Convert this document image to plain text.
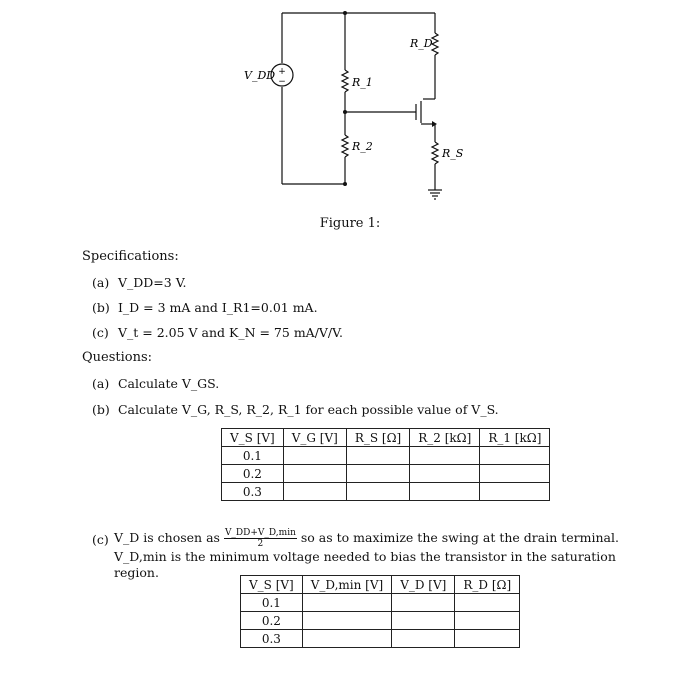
+
−
V_DD
R_1
R_2
R_D
R_S
Figure 1:
Specifications:
(a) V_DD=3 V.
(b) I_D = 3 mA and I_R1=0.01 mA.
(c) V_t = 2.05 V and K_N = 75 mA/V/V.
Questions:
(a) Calculate V_GS.
(b) Calculate V_G, R_S, R_2, R_1 for each possible value of V_S.
V_S [V]	V_G [V]	R_S [Ω]	R_2 [kΩ]	R_1 [kΩ]
0.1				
0.2				
0.3				
(c) V_D is chosen as $\frac{V\_DD+V\_D,\min}{2}$ so as to maximize the swing at the drain terminal. V_D,min is the minimum voltage needed to bias the transistor in the saturation region.
V_S [V]	V_D,min [V]	V_D [V]	R_D [Ω]
0.1			
0.2			
0.3			
